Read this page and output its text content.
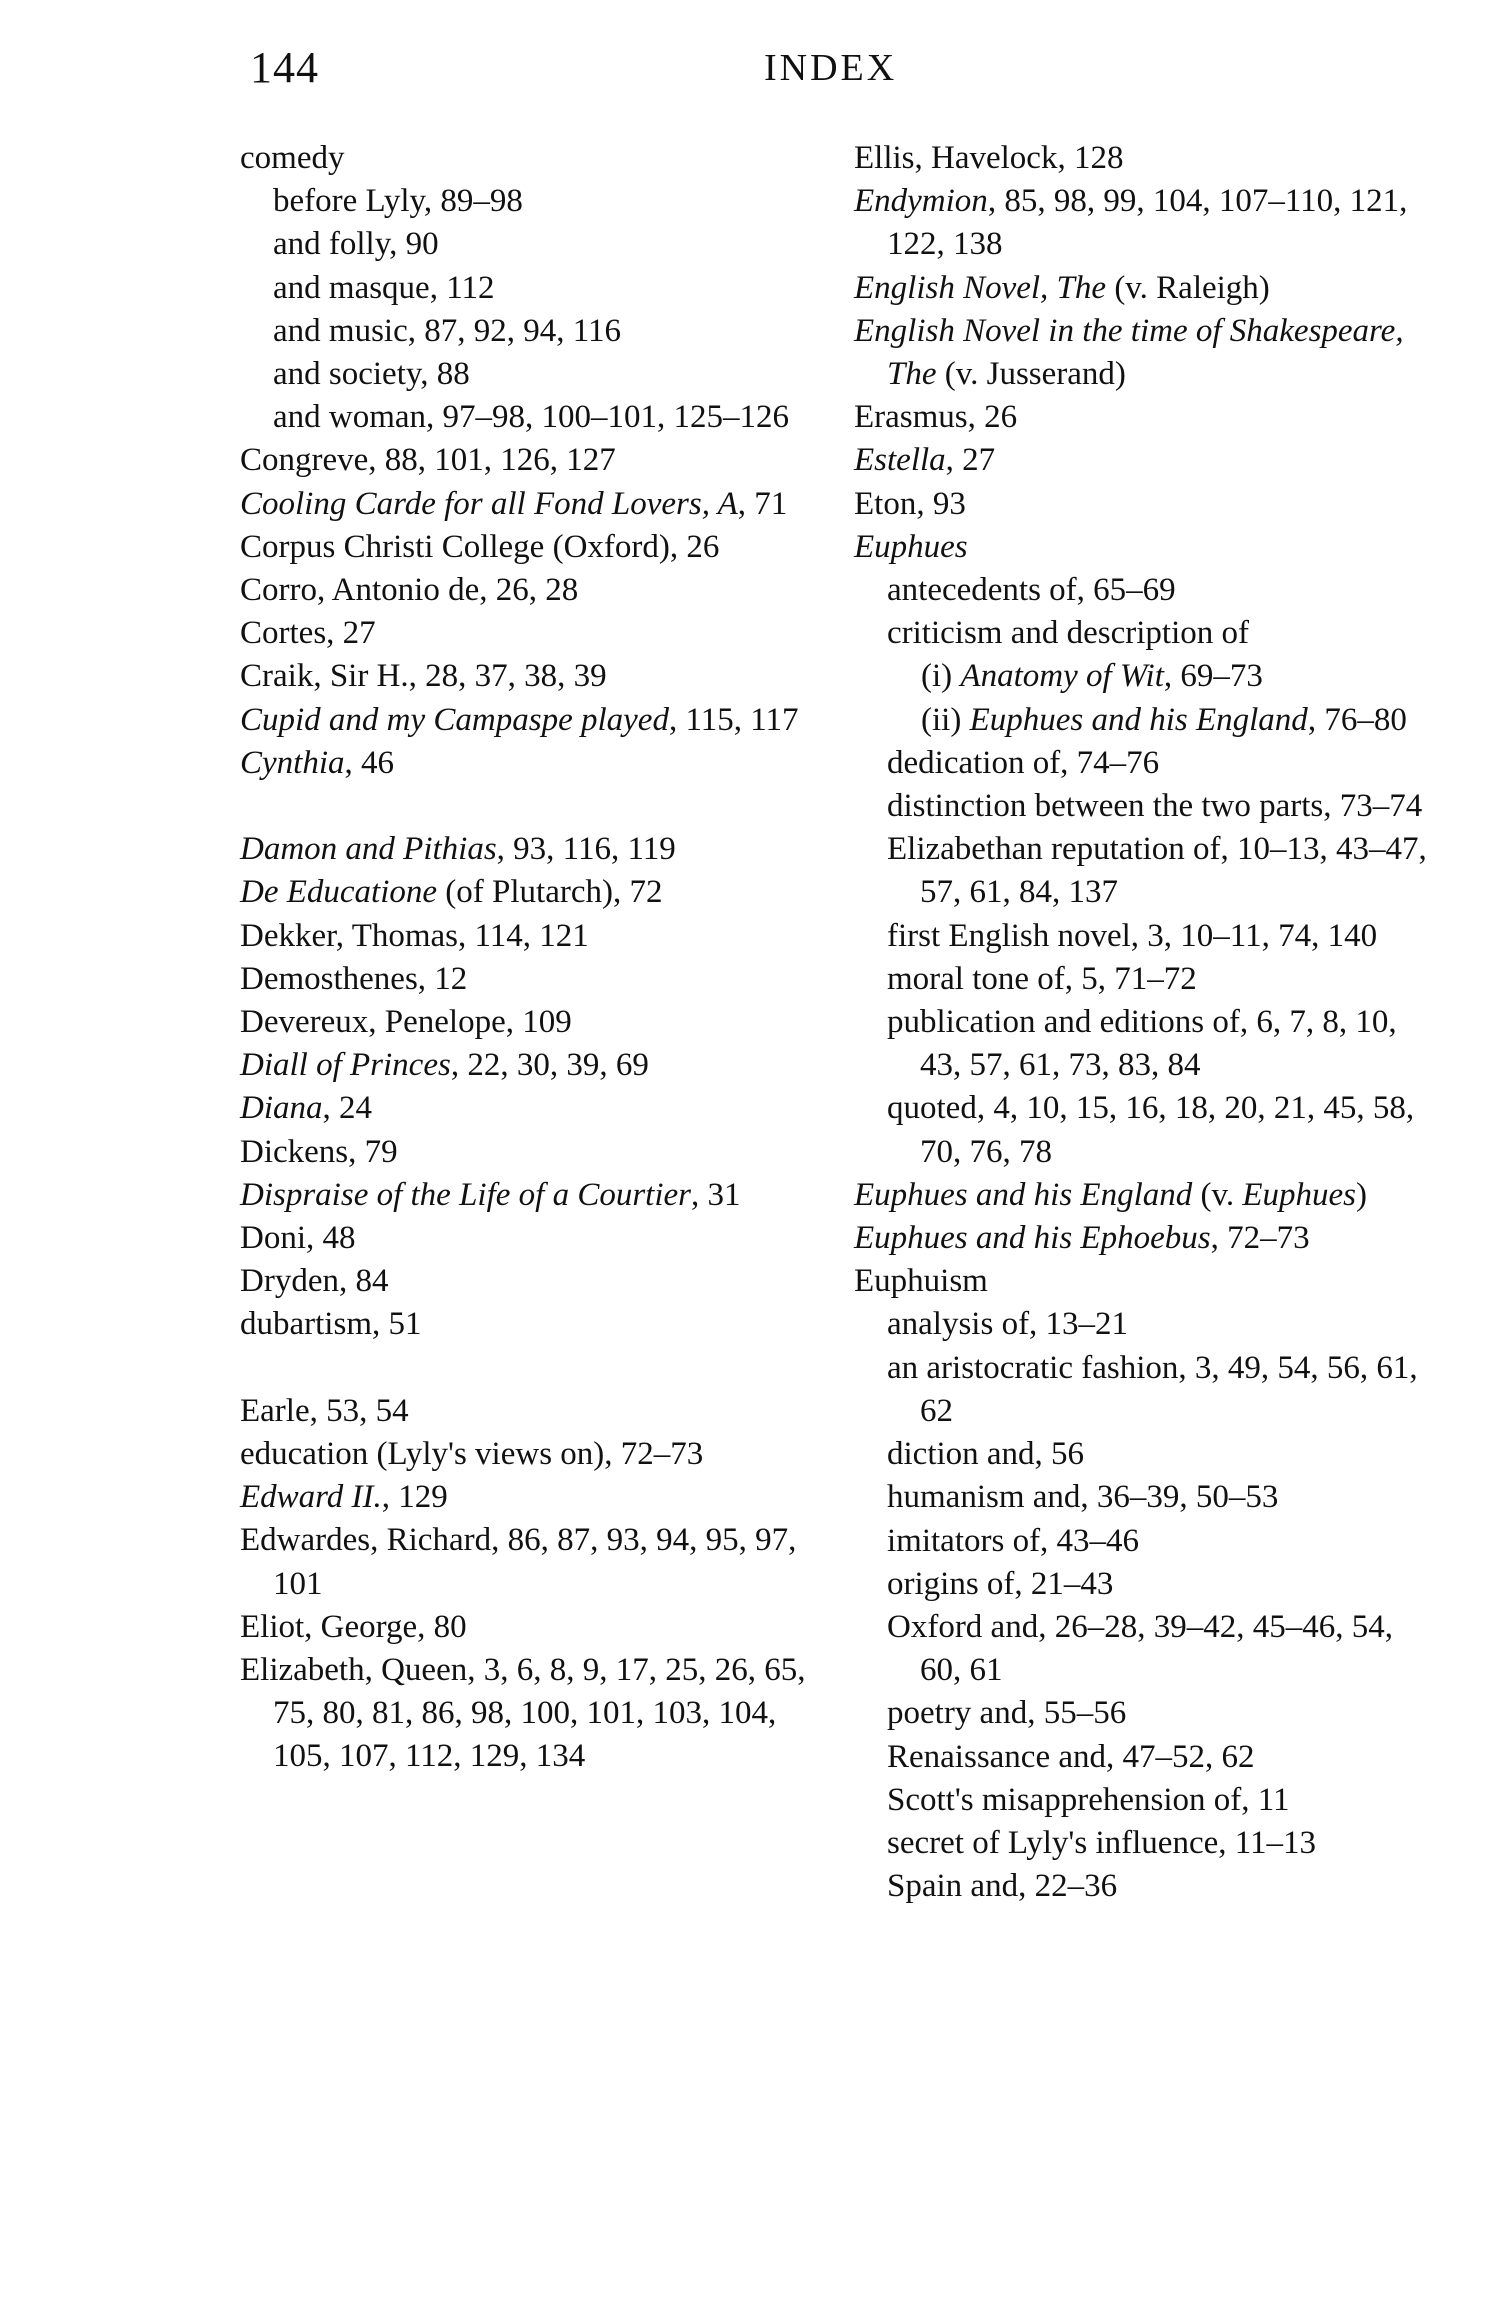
144	INDEX
comedy
before Lyly, 89–98
and folly, 90
and masque, 112
and music, 87, 92, 94, 116
and society, 88
and woman, 97–98, 100–101, 125–126
Congreve, 88, 101, 126, 127
Cooling Carde for all Fond Lovers, A, 71
Corpus Christi College (Oxford), 26
Corro, Antonio de, 26, 28
Cortes, 27
Craik, Sir H., 28, 37, 38, 39
Cupid and my Campaspe played, 115, 117
Cynthia, 46
Damon and Pithias, 93, 116, 119
De Educatione (of Plutarch), 72
Dekker, Thomas, 114, 121
Demosthenes, 12
Devereux, Penelope, 109
Diall of Princes, 22, 30, 39, 69
Diana, 24
Dickens, 79
Dispraise of the Life of a Courtier, 31
Doni, 48
Dryden, 84
dubartism, 51
Earle, 53, 54
education (Lyly's views on), 72–73
Edward II., 129
Edwardes, Richard, 86, 87, 93, 94, 95, 97, 101
Eliot, George, 80
Elizabeth, Queen, 3, 6, 8, 9, 17, 25, 26, 65, 75, 80, 81, 86, 98, 100, 101, 103, 104, 105, 107, 112, 129, 134
Ellis, Havelock, 128
Endymion, 85, 98, 99, 104, 107–110, 121, 122, 138
English Novel, The (v. Raleigh)
English Novel in the time of Shakespeare, The (v. Jusserand)
Erasmus, 26
Estella, 27
Eton, 93
Euphues
antecedents of, 65–69
criticism and description of
(i) Anatomy of Wit, 69–73
(ii) Euphues and his England, 76–80
dedication of, 74–76
distinction between the two parts, 73–74
Elizabethan reputation of, 10–13, 43–47, 57, 61, 84, 137
first English novel, 3, 10–11, 74, 140
moral tone of, 5, 71–72
publication and editions of, 6, 7, 8, 10, 43, 57, 61, 73, 83, 84
quoted, 4, 10, 15, 16, 18, 20, 21, 45, 58, 70, 76, 78
Euphues and his England (v. Euphues)
Euphues and his Ephoebus, 72–73
Euphuism
analysis of, 13–21
an aristocratic fashion, 3, 49, 54, 56, 61, 62
diction and, 56
humanism and, 36–39, 50–53
imitators of, 43–46
origins of, 21–43
Oxford and, 26–28, 39–42, 45–46, 54, 60, 61
poetry and, 55–56
Renaissance and, 47–52, 62
Scott's misapprehension of, 11
secret of Lyly's influence, 11–13
Spain and, 22–36
